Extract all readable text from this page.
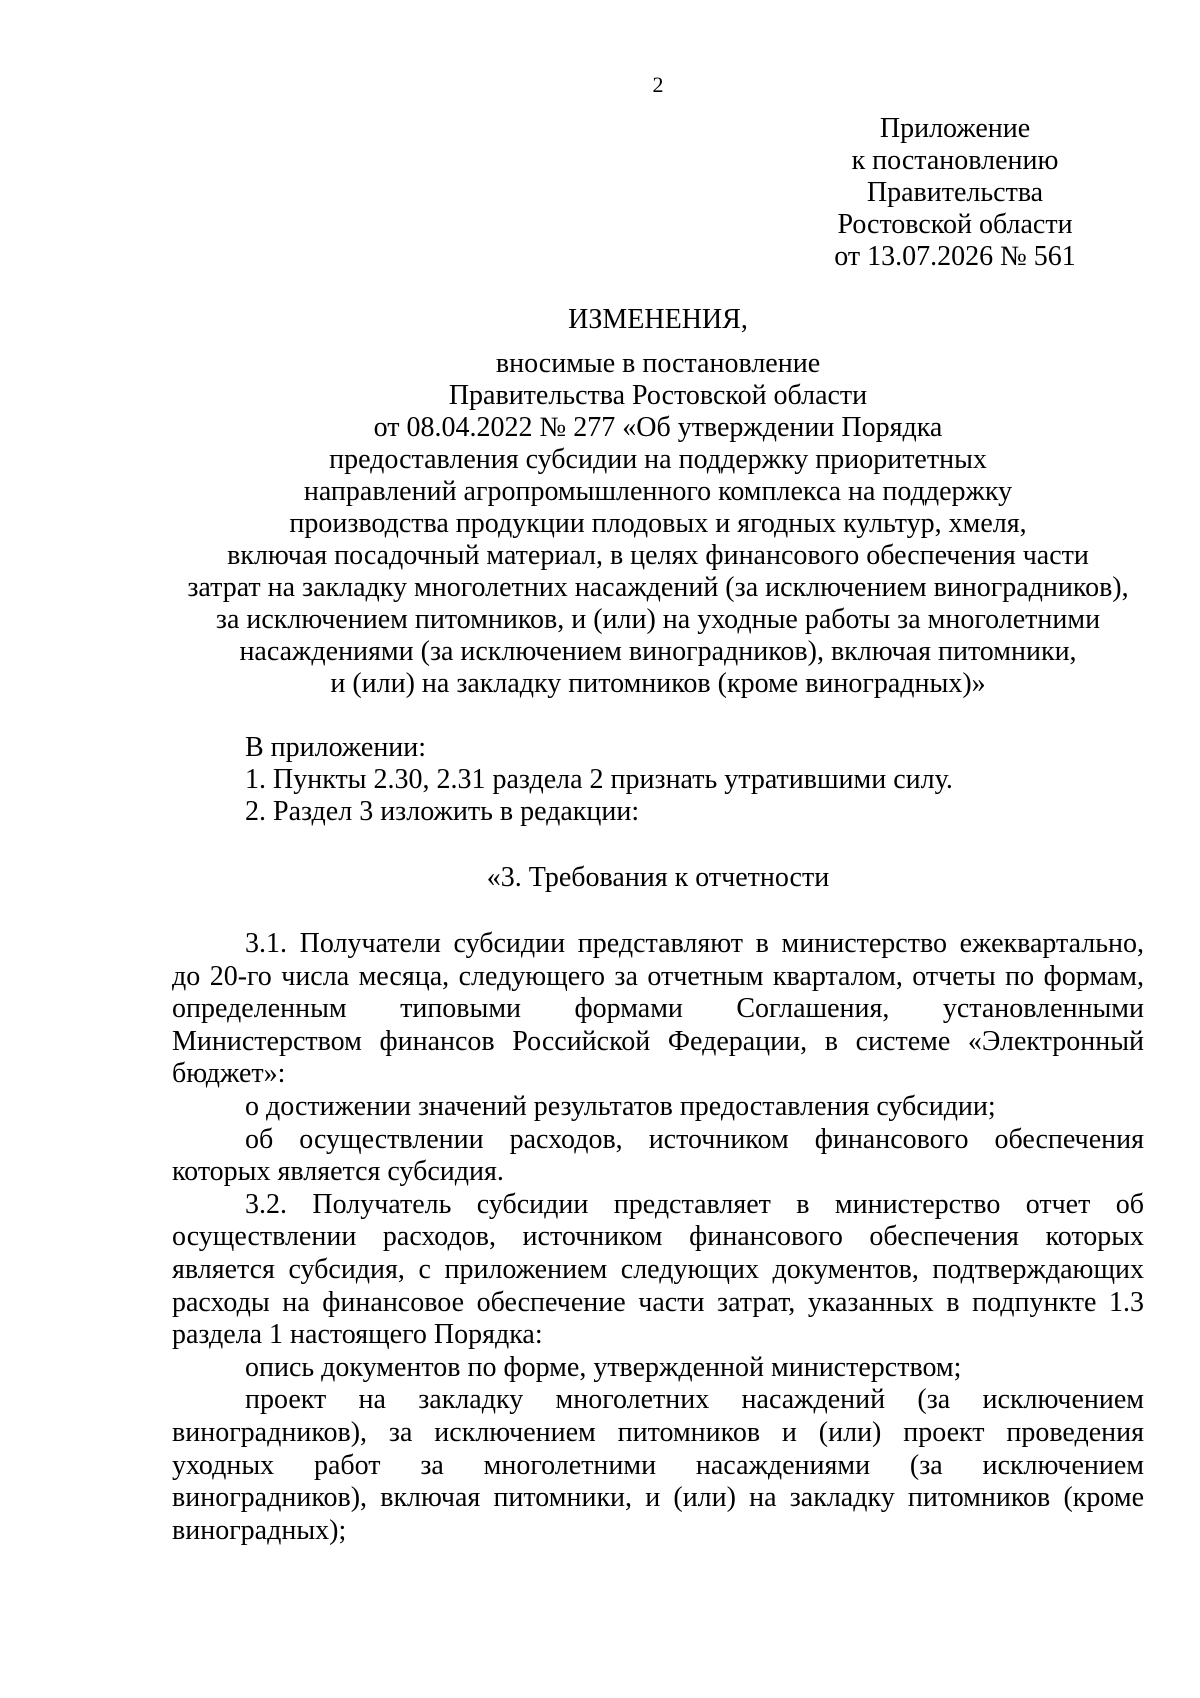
2
Приложение
к постановлению
Правительства
Ростовской области
от 13.07.2026 № 561
ИЗМЕНЕНИЯ,
вносимые в постановление
Правительства Ростовской области
от 08.04.2022 № 277 «Об утверждении Порядка
предоставления субсидии на поддержку приоритетных
направлений агропромышленного комплекса на поддержку
производства продукции плодовых и ягодных культур, хмеля,
включая посадочный материал, в целях финансового обеспечения части
затрат на закладку многолетних насаждений (за исключением виноградников),
за исключением питомников, и (или) на уходные работы за многолетними
насаждениями (за исключением виноградников), включая питомники,
и (или) на закладку питомников (кроме виноградных)»
В приложении:
1. Пункты 2.30, 2.31 раздела 2 признать утратившими силу.
2. Раздел 3 изложить в редакции:
«3. Требования к отчетности

3.1. Получатели субсидии представляют в министерство ежеквартально, до 20-го числа месяца, следующего за отчетным кварталом, отчеты по формам, определенным типовыми формами Соглашения, установленными Министерством финансов Российской Федерации, в системе «Электронный бюджет»:

о достижении значений результатов предоставления субсидии;

об осуществлении расходов, источником финансового обеспечения которых является субсидия.

3.2. Получатель субсидии представляет в министерство отчет об осуществлении расходов, источником финансового обеспечения которых является субсидия, с приложением следующих документов, подтверждающих расходы на финансовое обеспечение части затрат, указанных в подпункте 1.3 раздела 1 настоящего Порядка:

опись документов по форме, утвержденной министерством;

проект на закладку многолетних насаждений (за исключением виноградников), за исключением питомников и (или) проект проведения уходных работ за многолетними насаждениями (за исключением виноградников), включая питомники, и (или) на закладку питомников (кроме виноградных);
